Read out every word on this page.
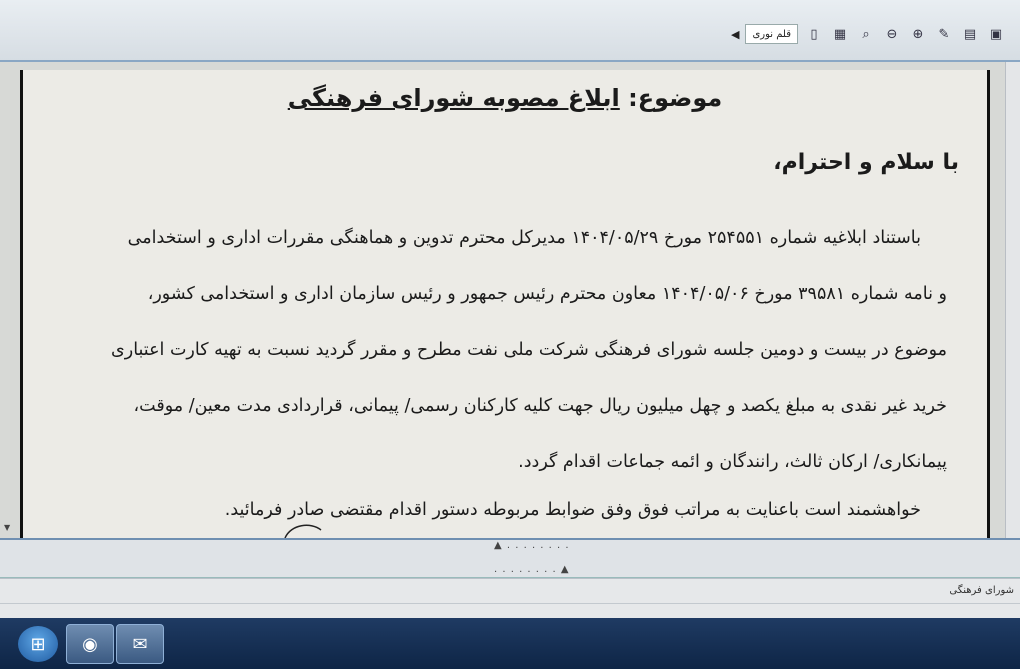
▣
▤
✎
⊕
⊖
⌕
▦
▯
قلم نوری
◀
موضوع: ابلاغ مصوبه شورای فرهنگی
با سلام و احترام،
باستناد ابلاغیه شماره ۲۵۴۵۵۱ مورخ ۱۴۰۴/۰۵/۲۹ مدیرکل محترم تدوین و هماهنگی مقررات اداری و استخدامی
و نامه شماره ۳۹۵۸۱ مورخ ۱۴۰۴/۰۵/۰۶ معاون محترم رئیس جمهور و رئیس سازمان اداری و استخدامی کشور،
موضوع در بیست و دومین جلسه شورای فرهنگی شرکت ملی نفت مطرح و مقرر گردید نسبت به تهیه کارت اعتباری
خرید غیر نقدی به مبلغ یکصد و چهل میلیون ریال جهت کلیه کارکنان رسمی/ پیمانی، قراردادی مدت معین/ موقت،
پیمانکاری/ ارکان ثالث، رانندگان و ائمه جماعات اقدام گردد.
خواهشمند است باعنایت به مراتب فوق وفق ضوابط مربوطه دستور اقدام مقتضی صادر فرمائید.
▼
▲ . . . . . . . .
. . . . . . . . ▲
شورای فرهنگی
⊞	◉	✉
